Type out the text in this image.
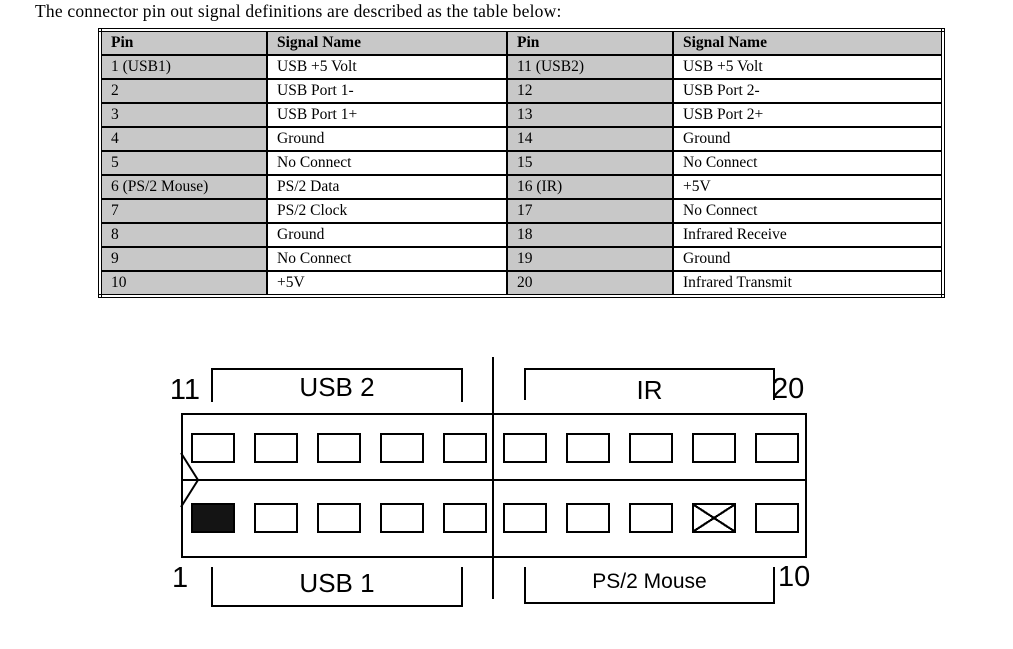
The connector pin out signal definitions are described as the table below:

Pin	Signal Name	Pin	Signal Name
1 (USB1)	USB +5 Volt	11 (USB2)	USB +5 Volt
2	USB Port 1-	12	USB Port 2-
3	USB Port 1+	13	USB Port 2+
4	Ground	14	Ground
5	No Connect	15	No Connect
6 (PS/2 Mouse)	PS/2 Data	16 (IR)	+5V
7	PS/2 Clock	17	No Connect
8	Ground	18	Infrared Receive
9	No Connect	19	Ground
10	+5V	20	Infrared Transmit
11	USB 2	IR	20
1	USB 1	PS/2 Mouse	10
